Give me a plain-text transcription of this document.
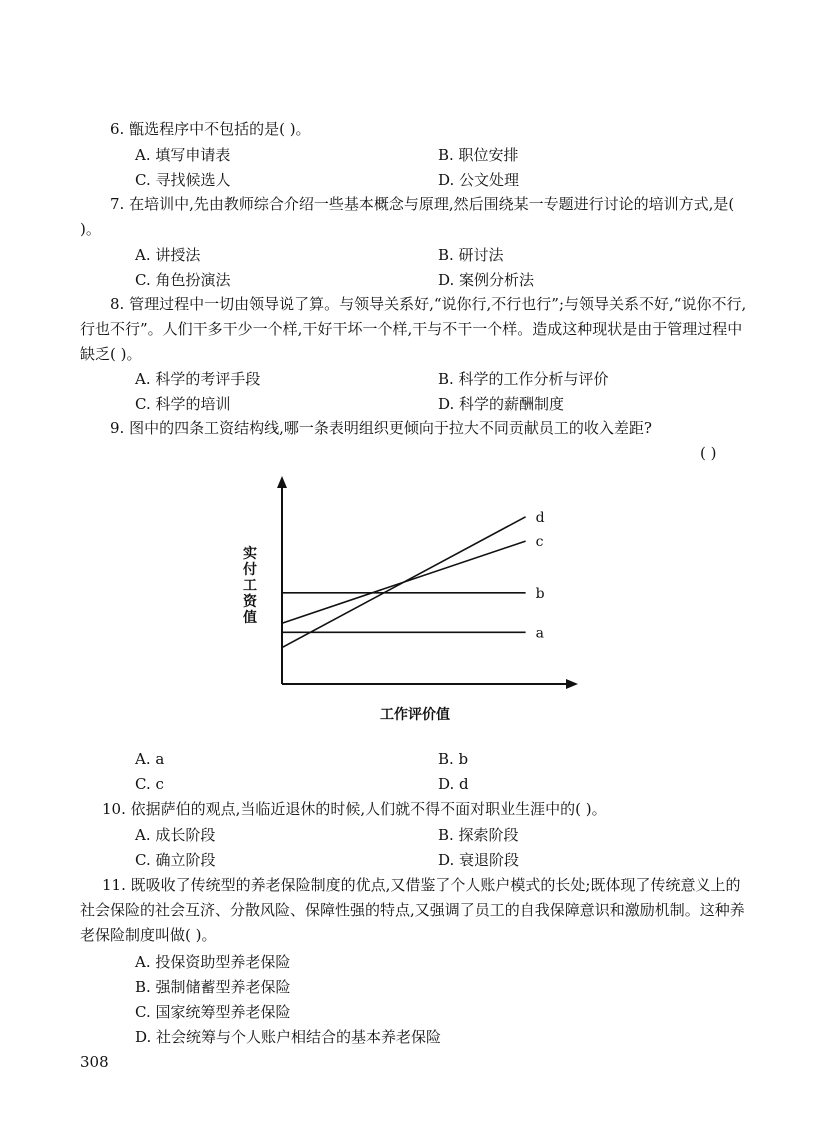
6. 甑选程序中不包括的是( )。

A. 填写申请表	B. 职位安排
C. 寻找候选人	D. 公文处理

7. 在培训中,先由教师综合介绍一些基本概念与原理,然后围绕某一专题进行讨论的培训方式,是( )。

A. 讲授法	B. 研讨法
C. 角色扮演法	D. 案例分析法

8. 管理过程中一切由领导说了算。与领导关系好,“说你行,不行也行”;与领导关系不好,“说你不行,行也不行”。人们干多干少一个样,干好干坏一个样,干与不干一个样。造成这种现状是由于管理过程中缺乏( )。

A. 科学的考评手段	B. 科学的工作分析与评价
C. 科学的培训	D. 科学的薪酬制度

9. 图中的四条工资结构线,哪一条表明组织更倾向于拉大不同贡献员工的收入差距?

( )
a
b
c
d
实
付
工
资
值
工作评价值
A. a	B. b
C. c	D. d

10. 依据萨伯的观点,当临近退休的时候,人们就不得不面对职业生涯中的( )。

A. 成长阶段	B. 探索阶段
C. 确立阶段	D. 衰退阶段

11. 既吸收了传统型的养老保险制度的优点,又借鉴了个人账户模式的长处;既体现了传统意义上的社会保险的社会互济、分散风险、保障性强的特点,又强调了员工的自我保障意识和激励机制。这种养老保险制度叫做( )。

A. 投保资助型养老保险
B. 强制储蓄型养老保险
C. 国家统筹型养老保险
D. 社会统筹与个人账户相结合的基本养老保险
308
